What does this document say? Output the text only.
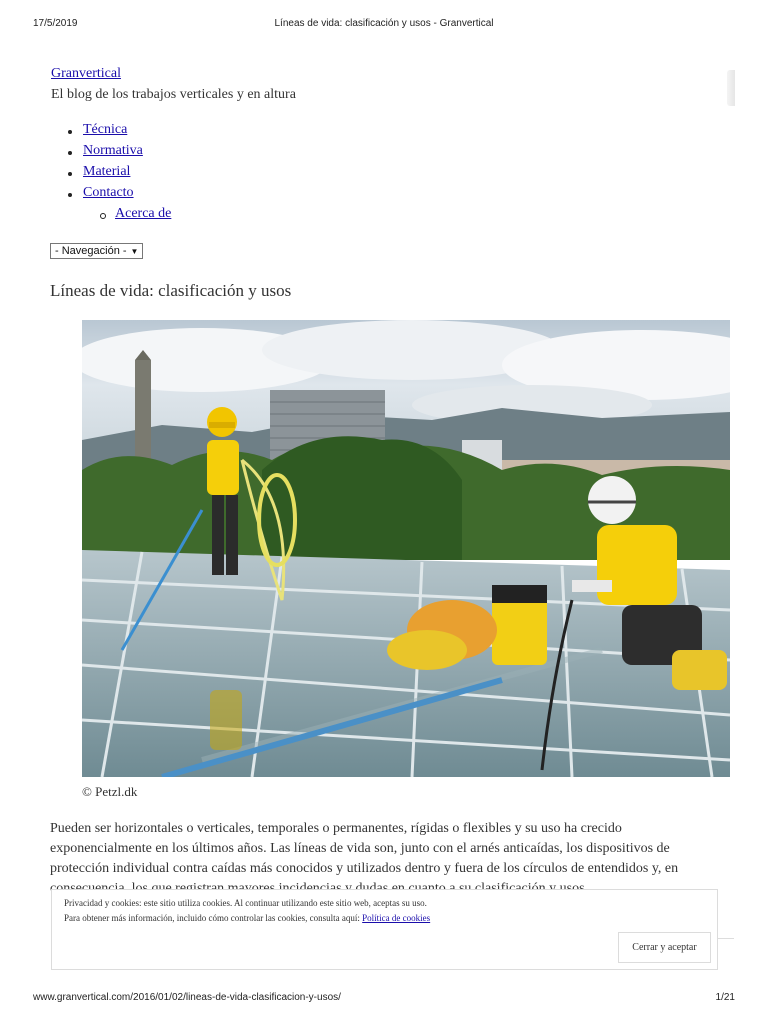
17/5/2019	Líneas de vida: clasificación y usos - Granvertical
Granvertical
El blog de los trabajos verticales y en altura
Técnica
Normativa
Material
Contacto
Acerca de
- Navegación - ▼
Líneas de vida: clasificación y usos
© Petzl.dk

Pueden ser horizontales o verticales, temporales o permanentes, rígidas o flexibles y su uso ha crecido exponencialmente en los últimos años. Las líneas de vida son, junto con el arnés anticaídas, los dispositivos de protección individual contra caídas más conocidos y utilizados dentro y fuera de los círculos de entendidos y, en

Privacidad y cookies: este sitio utiliza cookies. Al continuar utilizando este sitio web, aceptas su uso.
Para obtener más información, incluido cómo controlar las cookies, consulta aquí: Política de cookies
Cerrar y aceptar
www.granvertical.com/2016/01/02/lineas-de-vida-clasificacion-y-usos/	1/21
